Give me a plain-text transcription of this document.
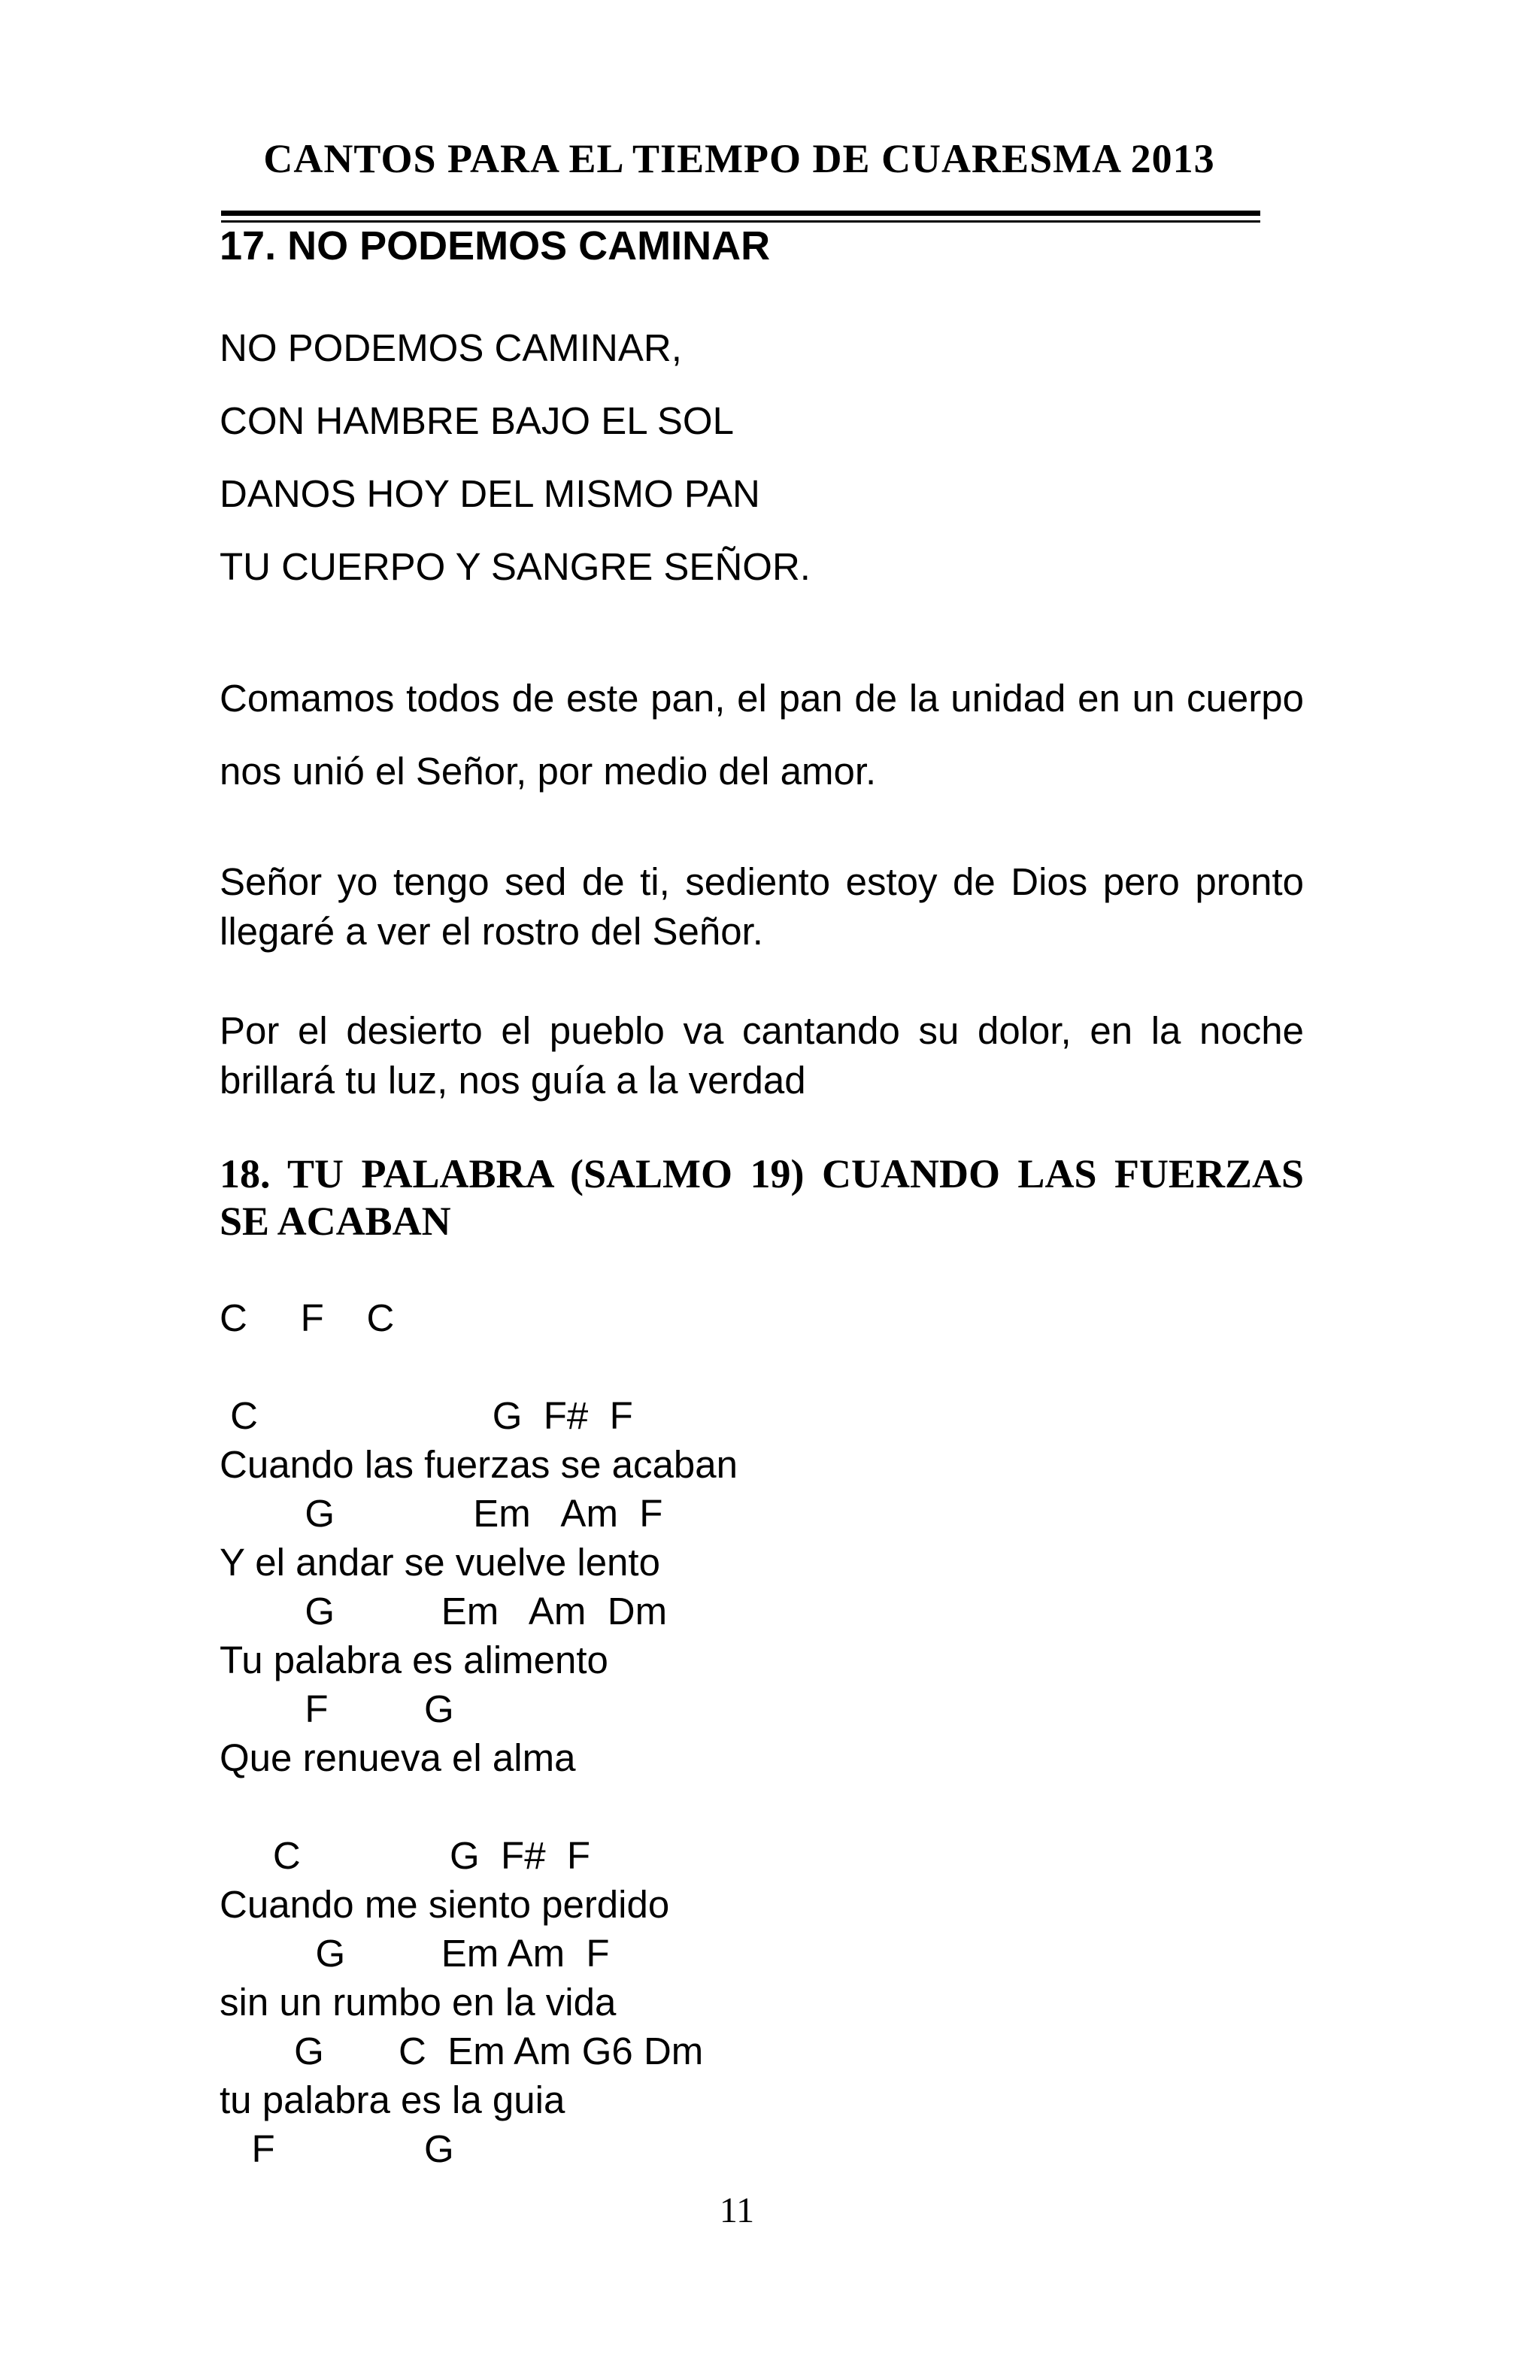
CANTOS PARA EL TIEMPO DE CUARESMA 2013
17. NO PODEMOS CAMINAR
NO PODEMOS CAMINAR,
CON HAMBRE BAJO EL SOL
DANOS HOY DEL MISMO PAN
TU CUERPO Y SANGRE SEÑOR.
Comamos todos de este pan, el pan de la unidad en un cuerpo nos unió el Señor, por medio del amor.
Señor yo tengo sed de ti, sediento estoy de Dios pero pronto llegaré a ver el rostro del Señor.
Por el desierto el pueblo va cantando su dolor, en la noche brillará tu luz, nos guía a la verdad
18. TU PALABRA (SALMO 19) CUANDO LAS FUERZAS SE ACABAN
C     F    C
C                      G  F#  F
Cuando las fuerzas se acaban
G             Em   Am  F
Y el andar se vuelve lento
G          Em   Am  Dm
Tu palabra es alimento
F         G
Que renueva el alma
C              G  F#  F
Cuando me siento perdido
G         Em Am  F
sin un rumbo en la vida
G       C  Em Am G6 Dm
tu palabra es la guia
F              G
11
